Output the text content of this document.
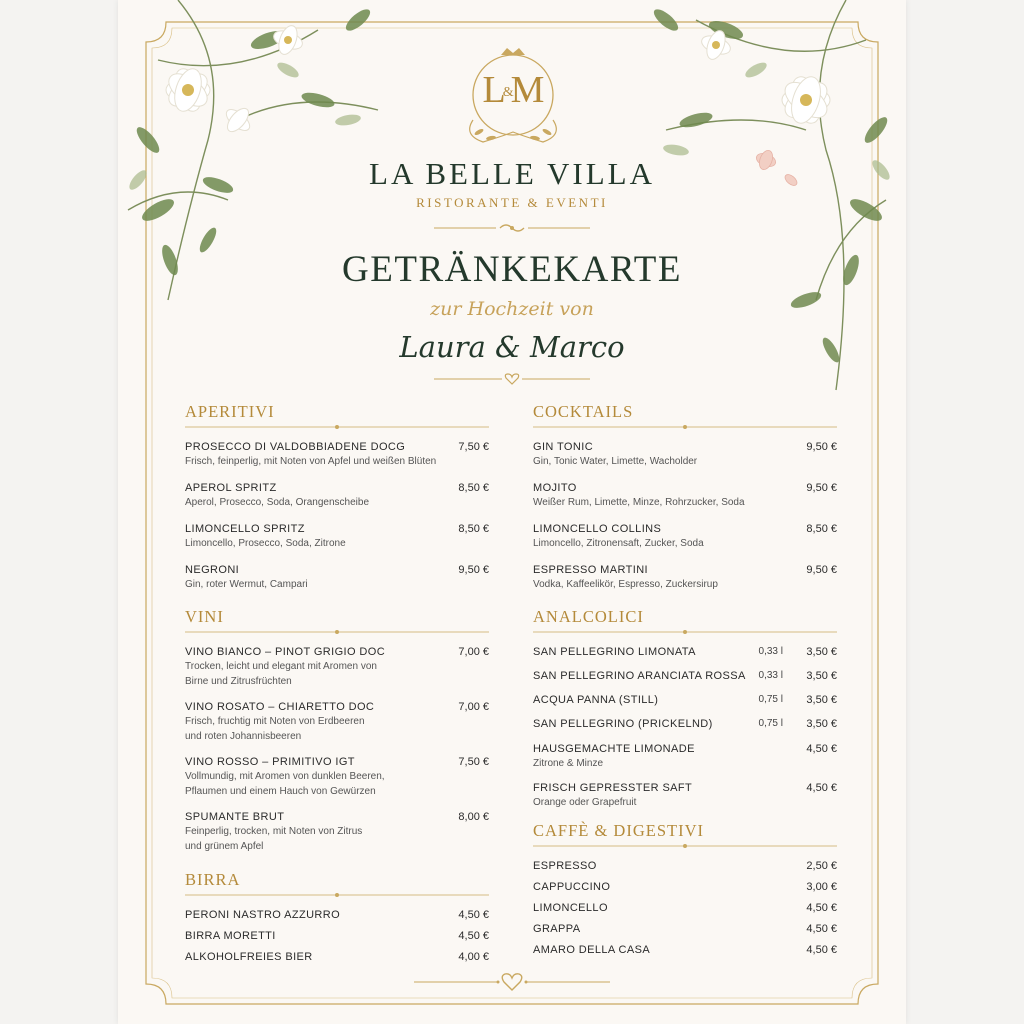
L&M
LA BELLE VILLA
RISTORANTE & EVENTI
GETRÄNKEKARTE
zur Hochzeit von
Laura & Marco
APERITIVI
PROSECCO DI VALDOBBIADENE DOCG
Frisch, feinperlig, mit Noten von Apfel und weißen Blüten
7,50 €
APEROL SPRITZ
Aperol, Prosecco, Soda, Orangenscheibe
8,50 €
LIMONCELLO SPRITZ
Limoncello, Prosecco, Soda, Zitrone
8,50 €
NEGRONI
Gin, roter Wermut, Campari
9,50 €
VINI
VINO BIANCO – PINOT GRIGIO DOC
Trocken, leicht und elegant mit Aromen von
Birne und Zitrusfrüchten
7,00 €
VINO ROSATO – CHIARETTO DOC
Frisch, fruchtig mit Noten von Erdbeeren
und roten Johannisbeeren
7,00 €
VINO ROSSO – PRIMITIVO IGT
Vollmundig, mit Aromen von dunklen Beeren,
Pflaumen und einem Hauch von Gewürzen
7,50 €
SPUMANTE BRUT
Feinperlig, trocken, mit Noten von Zitrus
und grünem Apfel
8,00 €
BIRRA
PERONI NASTRO AZZURRO	4,50 €
BIRRA MORETTI	4,50 €
ALKOHOLFREIES BIER	4,00 €
COCKTAILS
GIN TONIC
Gin, Tonic Water, Limette, Wacholder
9,50 €
MOJITO
Weißer Rum, Limette, Minze, Rohrzucker, Soda
9,50 €
LIMONCELLO COLLINS
Limoncello, Zitronensaft, Zucker, Soda
8,50 €
ESPRESSO MARTINI
Vodka, Kaffeelikör, Espresso, Zuckersirup
9,50 €
ANALCOLICI
SAN PELLEGRINO LIMONATA	0,33 l 3,50 €
SAN PELLEGRINO ARANCIATA ROSSA	0,33 l 3,50 €
ACQUA PANNA (STILL)	0,75 l 3,50 €
SAN PELLEGRINO (PRICKELND)	0,75 l 3,50 €
HAUSGEMACHTE LIMONADE
Zitrone & Minze
4,50 €
FRISCH GEPRESSTER SAFT
Orange oder Grapefruit
4,50 €
CAFFÈ & DIGESTIVI
ESPRESSO	2,50 €
CAPPUCCINO	3,00 €
LIMONCELLO	4,50 €
GRAPPA	4,50 €
AMARO DELLA CASA	4,50 €
